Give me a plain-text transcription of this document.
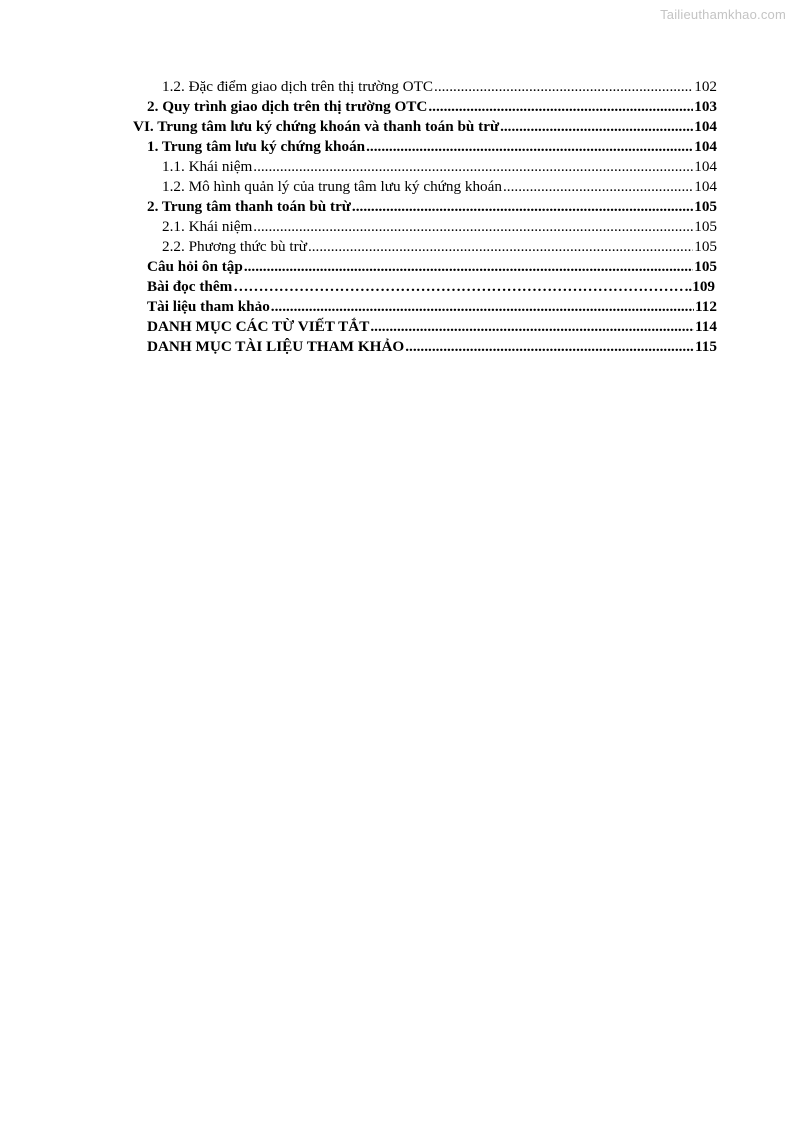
Tailieuthamkhao.com
1.2. Đặc điểm giao dịch trên thị trường OTC .....	102
2. Quy trình giao dịch trên thị trường OTC .....	103
VI. Trung tâm lưu ký chứng khoán và thanh toán bù trừ .....	104
1. Trung tâm lưu ký chứng khoán .....	104
1.1. Khái niệm .....	104
1.2. Mô hình quản lý của trung tâm lưu ký chứng khoán .....	104
2. Trung tâm thanh toán bù trừ .....	105
2.1. Khái niệm .....	105
2.2. Phương thức bù trừ .....	105
Câu hỏi ôn tập .....	105
Bài đọc thêm …………………………………………………………………………………………………………………………	..109
Tài liệu tham khảo .....	112
DANH MỤC CÁC TỪ VIẾT TẮT .....	114
DANH MỤC TÀI LIỆU THAM KHẢO .....	115
